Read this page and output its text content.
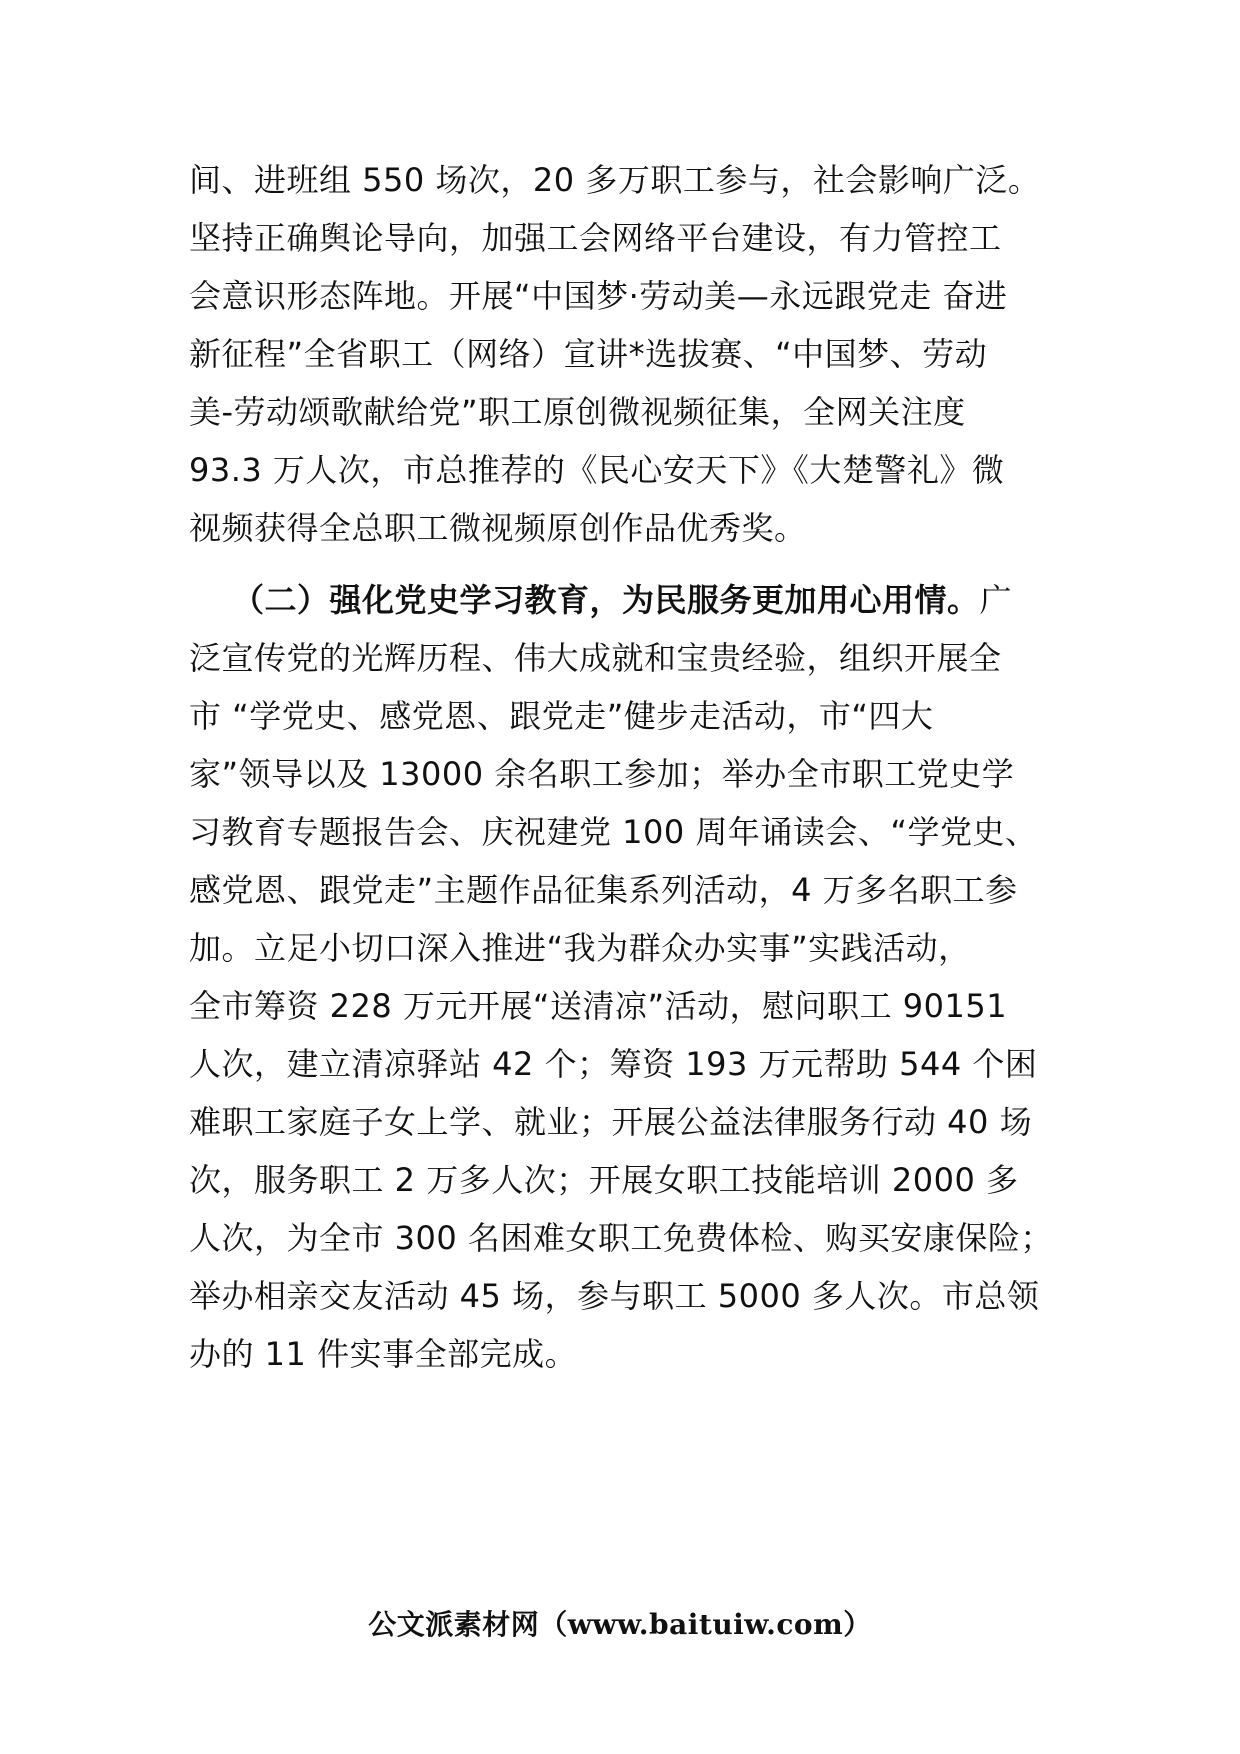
间、进班组 550 场次，20 多万职工参与，社会影响广泛。
坚持正确舆论导向，加强工会网络平台建设，有力管控工
会意识形态阵地。开展“中国梦·劳动美—永远跟党走 奋进
新征程”全省职工（网络）宣讲*选拔赛、“中国梦、劳动
美-劳动颂歌献给党”职工原创微视频征集，全网关注度
93.3 万人次，市总推荐的《民心安天下》《大楚警礼》微
视频获得全总职工微视频原创作品优秀奖。
（二）强化党史学习教育，为民服务更加用心用情。广
泛宣传党的光辉历程、伟大成就和宝贵经验，组织开展全
市 “学党史、感党恩、跟党走”健步走活动，市“四大
家”领导以及 13000 余名职工参加；举办全市职工党史学
习教育专题报告会、庆祝建党 100 周年诵读会、“学党史、
感党恩、跟党走”主题作品征集系列活动，4 万多名职工参
加。立足小切口深入推进“我为群众办实事”实践活动，
全市筹资 228 万元开展“送清凉”活动，慰问职工 90151
人次，建立清凉驿站 42 个；筹资 193 万元帮助 544 个困
难职工家庭子女上学、就业；开展公益法律服务行动 40 场
次，服务职工 2 万多人次；开展女职工技能培训 2000 多
人次，为全市 300 名困难女职工免费体检、购买安康保险；
举办相亲交友活动 45 场，参与职工 5000 多人次。市总领
办的 11 件实事全部完成。
公文派素材网（www.baituiw.com）
